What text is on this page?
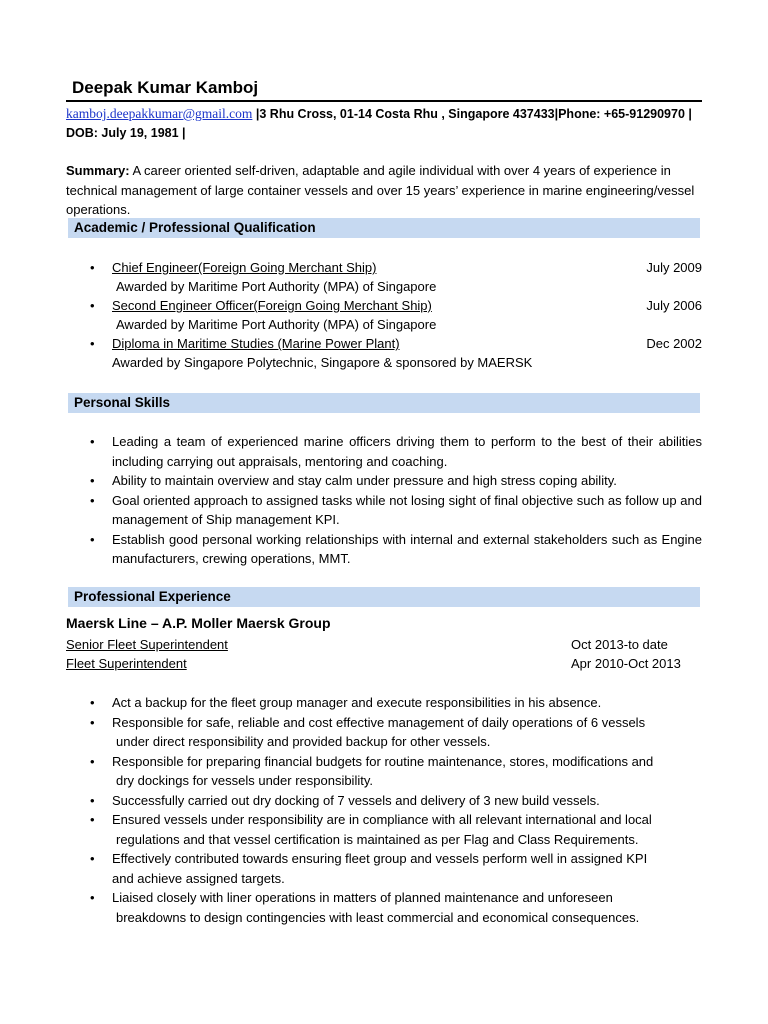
Deepak Kumar Kamboj
kamboj.deepakkumar@gmail.com |3 Rhu Cross, 01-14 Costa Rhu , Singapore 437433|Phone: +65-91290970 |
DOB: July 19, 1981 |
Summary: A career oriented self-driven, adaptable and agile individual with over 4 years of experience in technical management of large container vessels and over 15 years’ experience in marine engineering/vessel operations.
Academic / Professional Qualification
• Chief Engineer(Foreign Going Merchant Ship)	July 2009
Awarded by Maritime Port Authority (MPA) of Singapore
• Second Engineer Officer(Foreign Going Merchant Ship)	July 2006
Awarded by Maritime Port Authority (MPA) of Singapore
• Diploma in Maritime Studies (Marine Power Plant)	Dec 2002
Awarded by Singapore Polytechnic, Singapore & sponsored by MAERSK
Personal Skills
• Leading a team of experienced marine officers driving them to perform to the best of their abilities including carrying out appraisals, mentoring and coaching.
• Ability to maintain overview and stay calm under pressure and high stress coping ability.
• Goal oriented approach to assigned tasks while not losing sight of final objective such as follow up and management of Ship management KPI.
• Establish good personal working relationships with internal and external stakeholders such as Engine manufacturers, crewing operations, MMT.
Professional Experience
Maersk Line – A.P. Moller Maersk Group
Senior Fleet Superintendent	Oct 2013-to date
Fleet Superintendent	Apr 2010-Oct 2013
• Act a backup for the fleet group manager and execute responsibilities in his absence.
• Responsible for safe, reliable and cost effective management of daily operations of 6 vessels
under direct responsibility and provided backup for other vessels.
• Responsible for preparing financial budgets for routine maintenance, stores, modifications and
dry dockings for vessels under responsibility.
• Successfully carried out dry docking of 7 vessels and delivery of 3 new build vessels.
• Ensured vessels under responsibility are in compliance with all relevant international and local
regulations and that vessel certification is maintained as per Flag and Class Requirements.
• Effectively contributed towards ensuring fleet group and vessels perform well in assigned KPI
and achieve assigned targets.
• Liaised closely with liner operations in matters of planned maintenance and unforeseen
breakdowns to design contingencies with least commercial and economical consequences.
